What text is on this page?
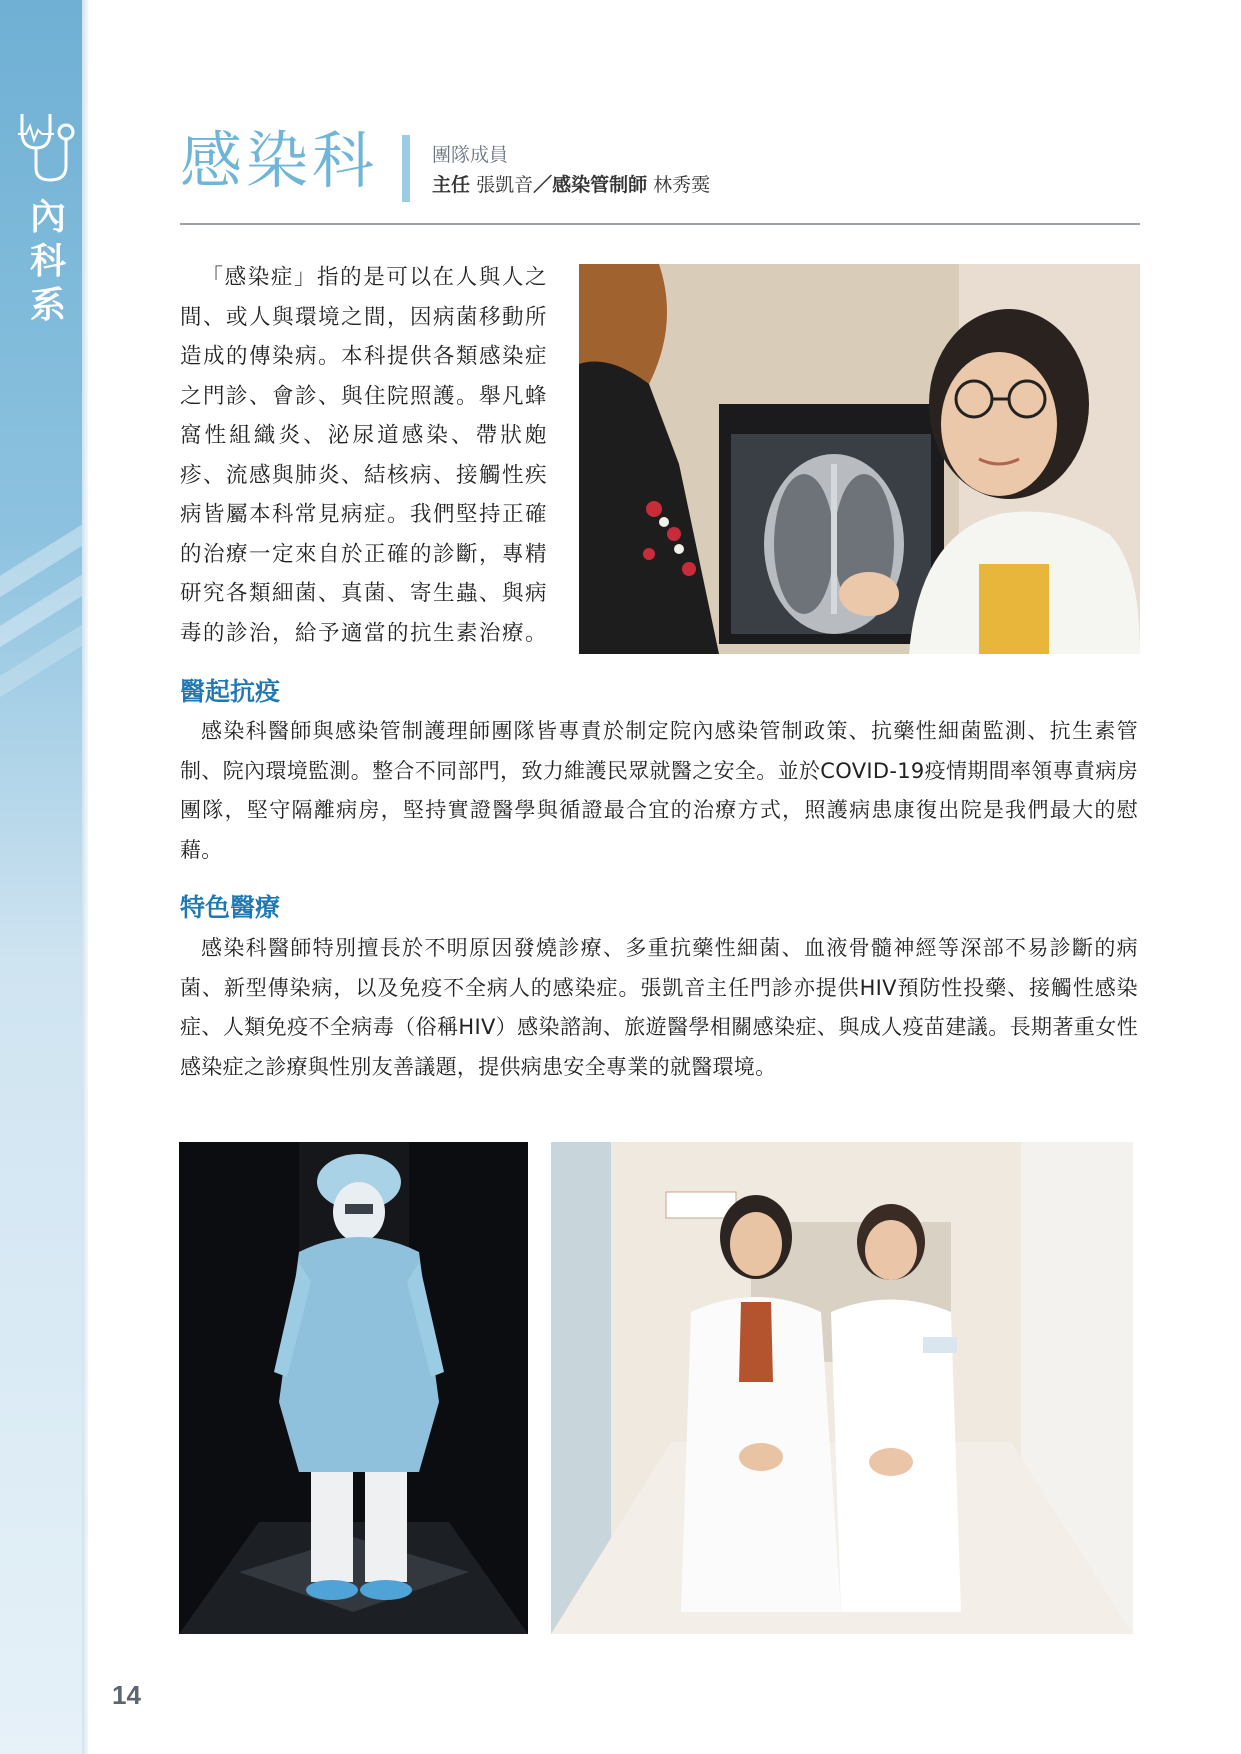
內
科
系
14
感染科	團隊成員
主任 張凱音／感染管制師 林秀霙

「感染症」指的是可以在人與人之間、或人與環境之間，因病菌移動所造成的傳染病。本科提供各類感染症之門診、會診、與住院照護。舉凡蜂窩性組織炎、泌尿道感染、帶狀皰疹、流感與肺炎、結核病、接觸性疾病皆屬本科常見病症。我們堅持正確的治療一定來自於正確的診斷，專精研究各類細菌、真菌、寄生蟲、與病毒的診治，給予適當的抗生素治療。

醫起抗疫

感染科醫師與感染管制護理師團隊皆專責於制定院內感染管制政策、抗藥性細菌監測、抗生素管制、院內環境監測。整合不同部門，致力維護民眾就醫之安全。並於COVID-19疫情期間率領專責病房團隊，堅守隔離病房，堅持實證醫學與循證最合宜的治療方式，照護病患康復出院是我們最大的慰藉。

特色醫療

感染科醫師特別擅長於不明原因發燒診療、多重抗藥性細菌、血液骨髓神經等深部不易診斷的病菌、新型傳染病，以及免疫不全病人的感染症。張凱音主任門診亦提供HIV預防性投藥、接觸性感染症、人類免疫不全病毒（俗稱HIV）感染諮詢、旅遊醫學相關感染症、與成人疫苗建議。長期著重女性感染症之診療與性別友善議題，提供病患安全專業的就醫環境。
